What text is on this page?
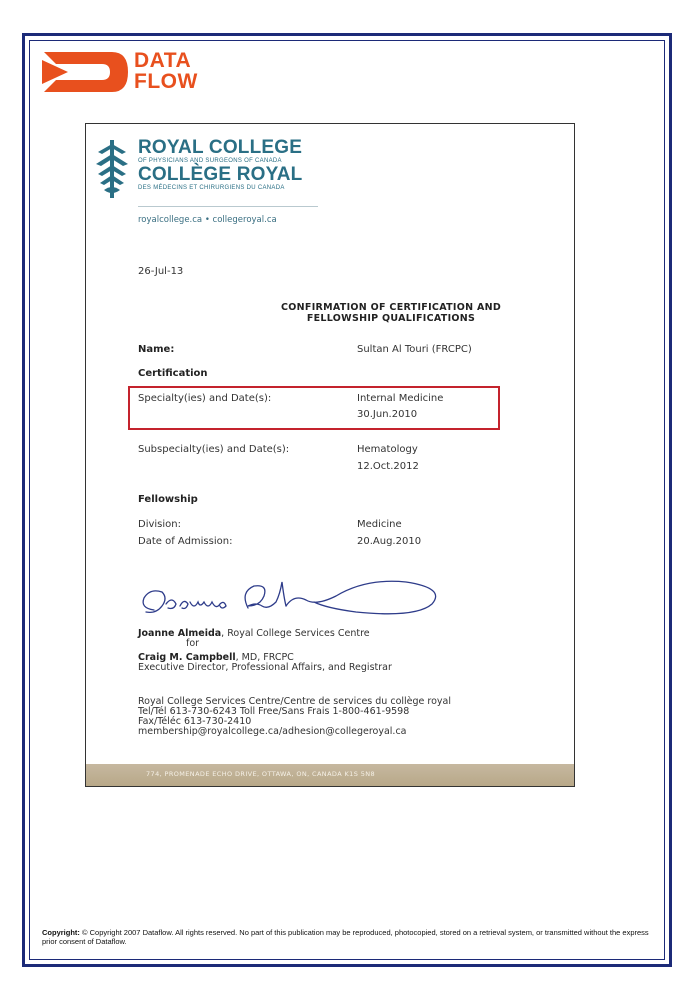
DATA
FLOW
ROYAL COLLEGE
OF PHYSICIANS AND SURGEONS OF CANADA
COLLÈGE ROYAL
DES MÉDECINS ET CHIRURGIENS DU CANADA
royalcollege.ca • collegeroyal.ca
26-Jul-13
CONFIRMATION OF CERTIFICATION AND
FELLOWSHIP QUALIFICATIONS
Name:	Sultan Al Touri (FRCPC)
Certification
Specialty(ies) and Date(s):	Internal Medicine
30.Jun.2010
Subspecialty(ies) and Date(s):	Hematology
12.Oct.2012
Fellowship
Division:	Medicine
Date of Admission:	20.Aug.2010
Joanne Almeida, Royal College Services Centre
for
Craig M. Campbell, MD, FRCPC
Executive Director, Professional Affairs, and Registrar
Royal College Services Centre/Centre de services du collège royal
Tel/Tél 613-730-6243 Toll Free/Sans Frais 1-800-461-9598
Fax/Téléc 613-730-2410
membership@royalcollege.ca/adhesion@collegeroyal.ca
774, PROMENADE ECHO DRIVE, OTTAWA, ON, CANADA K1S 5N8
Copyright: © Copyright 2007 Dataflow. All rights reserved. No part of this publication may be reproduced, photocopied, stored on a retrieval system, or transmitted without the express prior consent of Dataflow.
